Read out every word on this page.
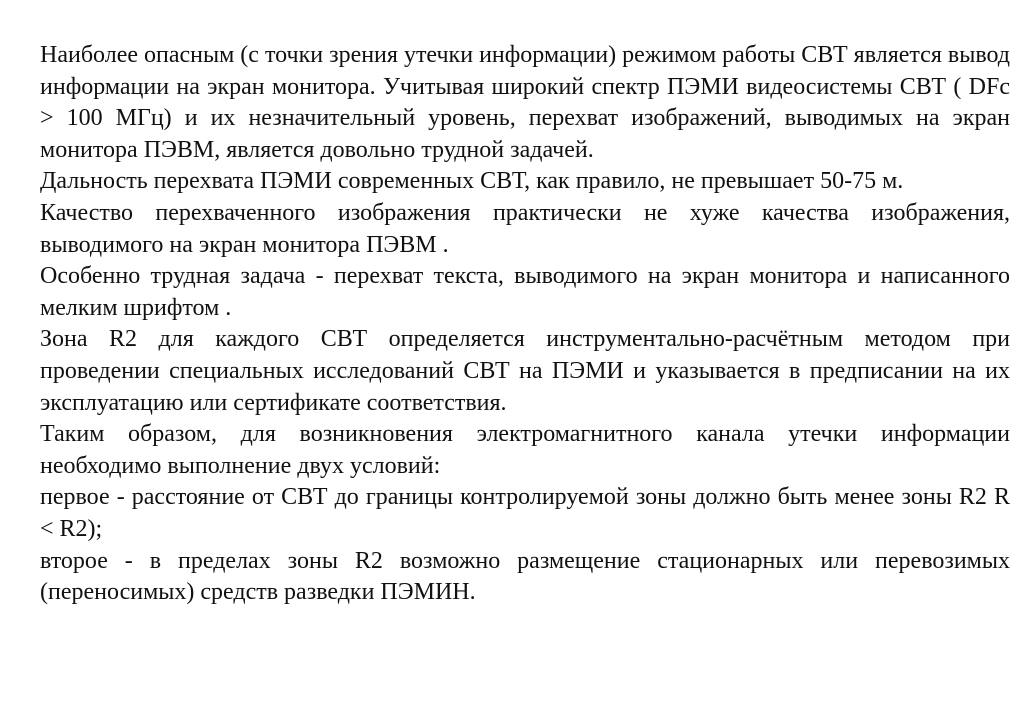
Наиболее опасным (с точки зрения утечки информации) режимом работы СВТ является вывод информации на экран монитора. Учитывая широкий спектр ПЭМИ видеосистемы СВТ ( DFc > 100 МГц) и их незначительный уровень, перехват изображений, выводимых на экран монитора ПЭВМ, является довольно трудной задачей.

Дальность перехвата ПЭМИ современных СВТ, как правило, не превышает 50-75 м.

Качество перехваченного изображения практически не хуже качества изображения, выводимого на экран монитора ПЭВМ .

Особенно трудная задача - перехват текста, выводимого на экран монитора и написанного мелким шрифтом .

Зона R2 для каждого СВТ определяется инструментально-расчётным методом при проведении специальных исследований СВТ на ПЭМИ и указывается в предписании на их эксплуатацию или сертификате соответствия.

Таким образом, для возникновения электромагнитного канала утечки информации необходимо выполнение двух условий:

первое - расстояние от СВТ до границы контролируемой зоны должно быть менее зоны R2 R < R2);

второе - в пределах зоны R2 возможно размещение стационарных или перевозимых (переносимых) средств разведки ПЭМИН.
